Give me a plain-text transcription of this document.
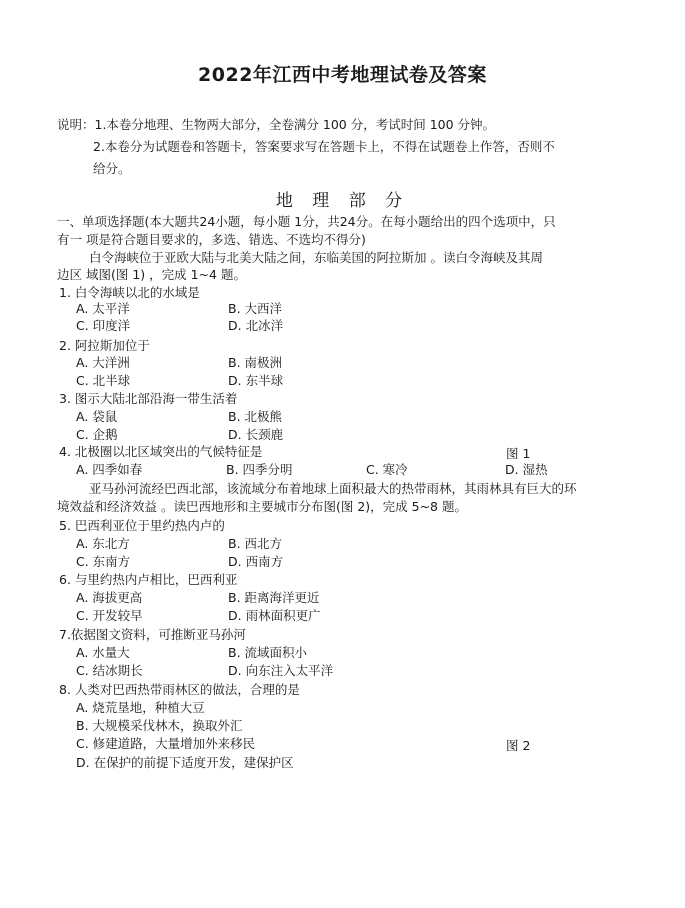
2022年江西中考地理试卷及答案
说明：1.本卷分地理、生物两大部分，全卷满分 100 分，考试时间 100 分钟。
2.本卷分为试题卷和答题卡，答案要求写在答题卡上，不得在试题卷上作答，否则不
给分。
地 理 部 分
一、单项选择题(本大题共24小题，每小题 1分，共24分。在每小题给出的四个选项中，只
有一 项是符合题目要求的，多选、错选、不选均不得分)
白令海峡位于亚欧大陆与北美大陆之间，东临美国的阿拉斯加 。读白令海峡及其周
边区 域图(图 1) ，完成 1~4 题。
1. 白令海峡以北的水域是
A. 太平洋	B. 大西洋
C. 印度洋	D. 北冰洋
2. 阿拉斯加位于
A. 大洋洲	B. 南极洲
C. 北半球	D. 东半球
3. 图示大陆北部沿海一带生活着
A. 袋鼠	B. 北极熊
C. 企鹅	D. 长颈鹿
4. 北极圈以北区域突出的气候特征是	图 1
A. 四季如春	B. 四季分明	C. 寒冷	D. 湿热
亚马孙河流经巴西北部，该流域分布着地球上面积最大的热带雨林，其雨林具有巨大的环
境效益和经济效益 。读巴西地形和主要城市分布图(图 2)，完成 5~8 题。
5. 巴西利亚位于里约热内卢的
A. 东北方	B. 西北方
C. 东南方	D. 西南方
6. 与里约热内卢相比，巴西利亚
A. 海拔更高	B. 距离海洋更近
C. 开发较早	D. 雨林面积更广
7.依据图文资料，可推断亚马孙河
A. 水量大	B. 流域面积小
C. 结冰期长	D. 向东注入太平洋
8. 人类对巴西热带雨林区的做法，合理的是
A. 烧荒垦地，种植大豆
B. 大规模采伐林木，换取外汇
C. 修建道路，大量增加外来移民	图 2
D. 在保护的前提下适度开发，建保护区
